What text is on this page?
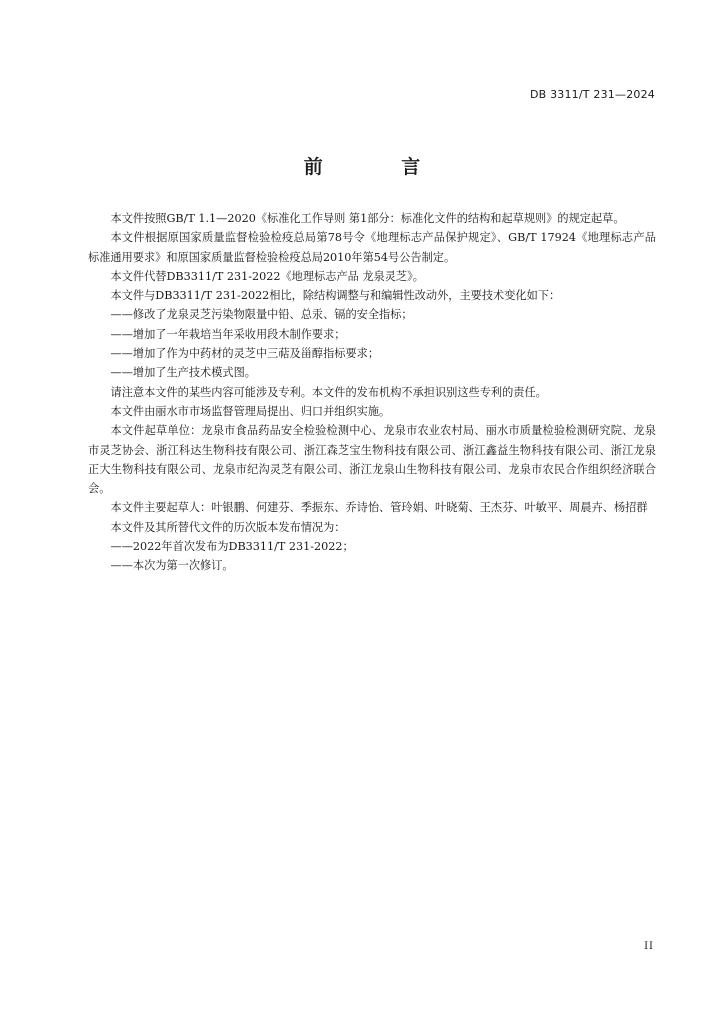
DB 3311/T 231—2024
前 言

本文件按照GB/T 1.1—2020《标准化工作导则 第1部分：标准化文件的结构和起草规则》的规定起草。

本文件根据原国家质量监督检验检疫总局第78号令《地理标志产品保护规定》、GB/T 17924《地理标志产品标准通用要求》和原国家质量监督检验检疫总局2010年第54号公告制定。

本文件代替DB3311/T 231-2022《地理标志产品 龙泉灵芝》。

本文件与DB3311/T 231-2022相比，除结构调整与和编辑性改动外，主要技术变化如下：

——修改了龙泉灵芝污染物限量中铅、总汞、镉的安全指标；

——增加了一年栽培当年采收用段木制作要求；

——增加了作为中药材的灵芝中三萜及甾醇指标要求；

——增加了生产技术模式图。

请注意本文件的某些内容可能涉及专利。本文件的发布机构不承担识别这些专利的责任。

本文件由丽水市市场监督管理局提出、归口并组织实施。

本文件起草单位：龙泉市食品药品安全检验检测中心、龙泉市农业农村局、丽水市质量检验检测研究院、龙泉市灵芝协会、浙江科达生物科技有限公司、浙江森芝宝生物科技有限公司、浙江鑫益生物科技有限公司、浙江龙泉正大生物科技有限公司、龙泉市纪沟灵芝有限公司、浙江龙泉山生物科技有限公司、龙泉市农民合作组织经济联合会。

本文件主要起草人：叶银鹏、何建芬、季振东、乔诗怡、管玲娟、叶晓菊、王杰芬、叶敏平、周晨卉、杨招群

本文件及其所替代文件的历次版本发布情况为：

——2022年首次发布为DB3311/T 231-2022；

——本次为第一次修订。

II
